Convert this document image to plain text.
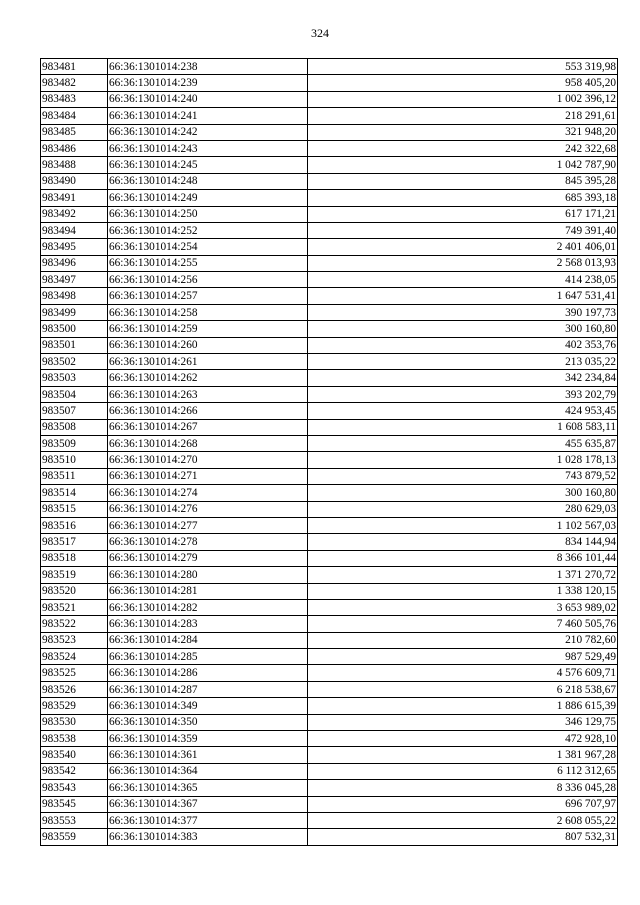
324
983481	66:36:1301014:238	553 319,98
983482	66:36:1301014:239	958 405,20
983483	66:36:1301014:240	1 002 396,12
983484	66:36:1301014:241	218 291,61
983485	66:36:1301014:242	321 948,20
983486	66:36:1301014:243	242 322,68
983488	66:36:1301014:245	1 042 787,90
983490	66:36:1301014:248	845 395,28
983491	66:36:1301014:249	685 393,18
983492	66:36:1301014:250	617 171,21
983494	66:36:1301014:252	749 391,40
983495	66:36:1301014:254	2 401 406,01
983496	66:36:1301014:255	2 568 013,93
983497	66:36:1301014:256	414 238,05
983498	66:36:1301014:257	1 647 531,41
983499	66:36:1301014:258	390 197,73
983500	66:36:1301014:259	300 160,80
983501	66:36:1301014:260	402 353,76
983502	66:36:1301014:261	213 035,22
983503	66:36:1301014:262	342 234,84
983504	66:36:1301014:263	393 202,79
983507	66:36:1301014:266	424 953,45
983508	66:36:1301014:267	1 608 583,11
983509	66:36:1301014:268	455 635,87
983510	66:36:1301014:270	1 028 178,13
983511	66:36:1301014:271	743 879,52
983514	66:36:1301014:274	300 160,80
983515	66:36:1301014:276	280 629,03
983516	66:36:1301014:277	1 102 567,03
983517	66:36:1301014:278	834 144,94
983518	66:36:1301014:279	8 366 101,44
983519	66:36:1301014:280	1 371 270,72
983520	66:36:1301014:281	1 338 120,15
983521	66:36:1301014:282	3 653 989,02
983522	66:36:1301014:283	7 460 505,76
983523	66:36:1301014:284	210 782,60
983524	66:36:1301014:285	987 529,49
983525	66:36:1301014:286	4 576 609,71
983526	66:36:1301014:287	6 218 538,67
983529	66:36:1301014:349	1 886 615,39
983530	66:36:1301014:350	346 129,75
983538	66:36:1301014:359	472 928,10
983540	66:36:1301014:361	1 381 967,28
983542	66:36:1301014:364	6 112 312,65
983543	66:36:1301014:365	8 336 045,28
983545	66:36:1301014:367	696 707,97
983553	66:36:1301014:377	2 608 055,22
983559	66:36:1301014:383	807 532,31
